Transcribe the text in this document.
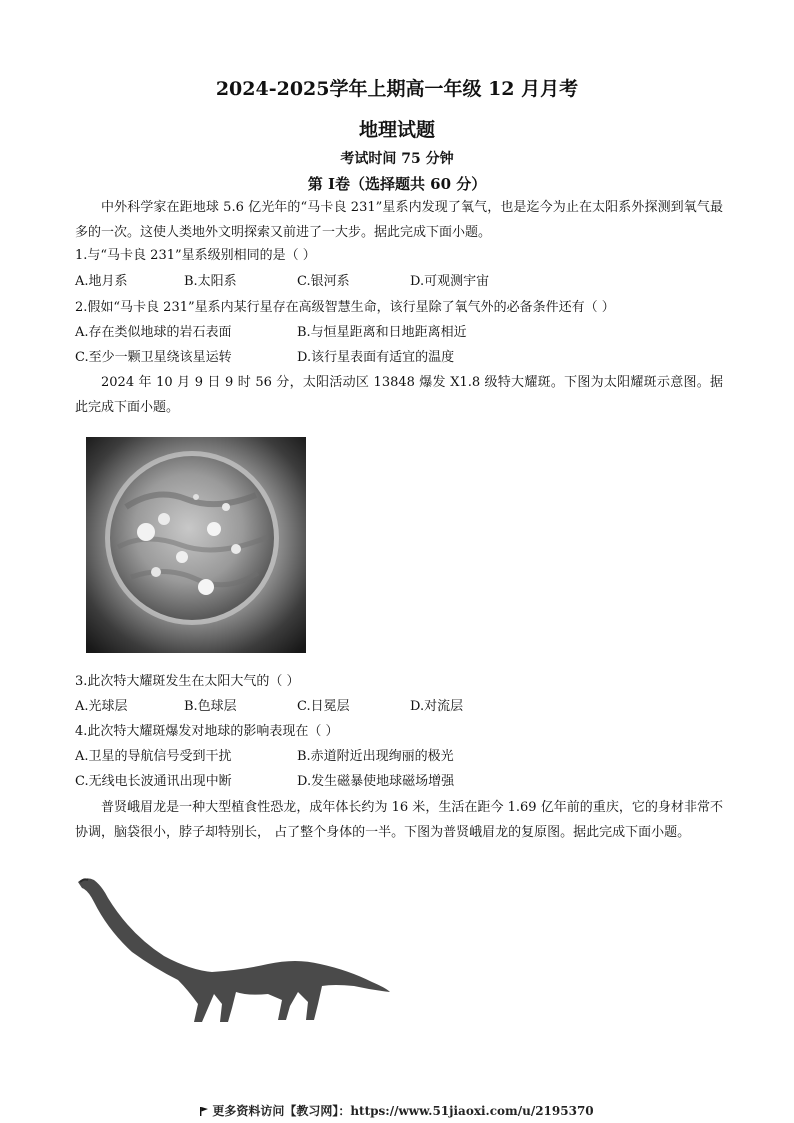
2024-2025学年上期高一年级 12 月月考
地理试题
考试时间 75 分钟
第 Ⅰ卷（选择题共 60 分）
中外科学家在距地球 5.6 亿光年的“马卡良 231”星系内发现了氧气，也是迄今为止在太阳系外探测到氧气最多的一次。这使人类地外文明探索又前进了一大步。据此完成下面小题。
1.与“马卡良 231”星系级别相同的是（ ）
A.地月系	B.太阳系	C.银河系	D.可观测宇宙
2.假如“马卡良 231”星系内某行星存在高级智慧生命，该行星除了氧气外的必备条件还有（ ）
A.存在类似地球的岩石表面	B.与恒星距离和日地距离相近
C.至少一颗卫星绕该星运转	D.该行星表面有适宜的温度
2024 年 10 月 9 日 9 时 56 分，太阳活动区 13848 爆发 X1.8 级特大耀斑。下图为太阳耀斑示意图。据此完成下面小题。
3.此次特大耀斑发生在太阳大气的（ ）
A.光球层	B.色球层	C.日冕层	D.对流层
4.此次特大耀斑爆发对地球的影响表现在（ ）
A.卫星的导航信号受到干扰	B.赤道附近出现绚丽的极光
C.无线电长波通讯出现中断	D.发生磁暴使地球磁场增强
普贤峨眉龙是一种大型植食性恐龙，成年体长约为 16 米，生活在距今 1.69 亿年前的重庆，它的身材非常不协调，脑袋很小，脖子却特别长， 占了整个身体的一半。下图为普贤峨眉龙的复原图。据此完成下面小题。
更多资料访问【教习网】：https://www.51jiaoxi.com/u/2195370
